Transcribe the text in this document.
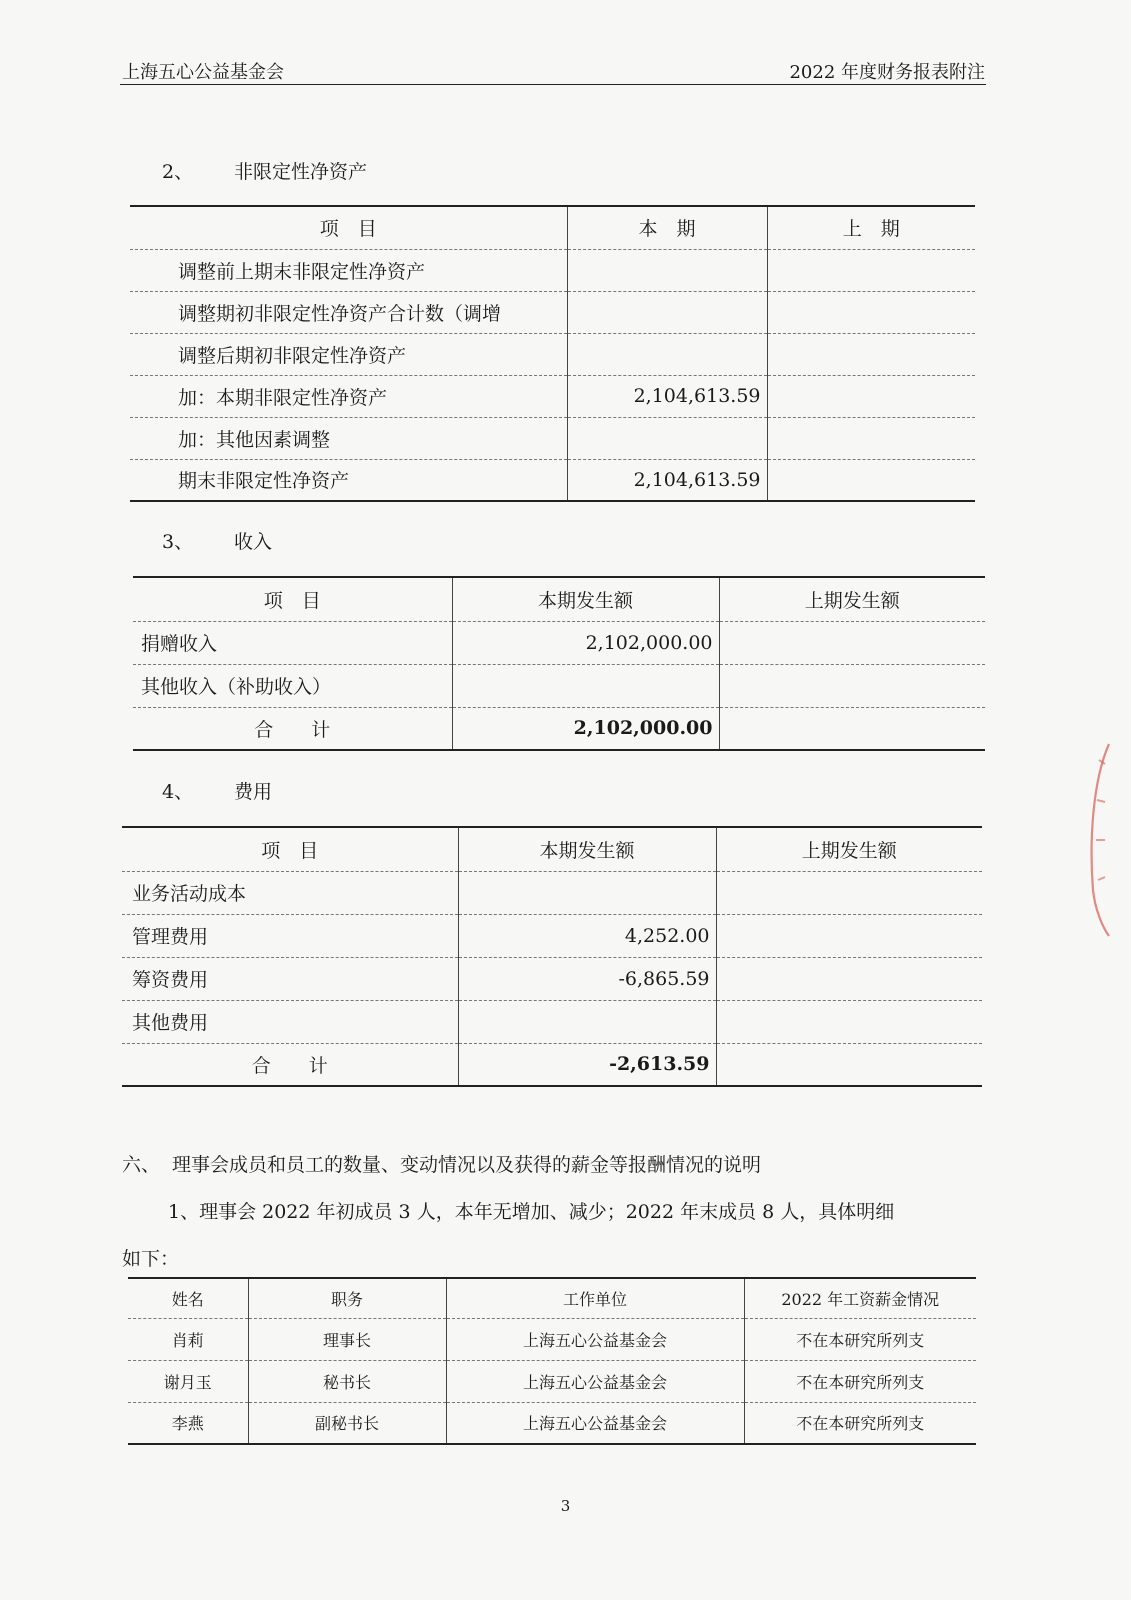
上海五心公益基金会	2022 年度财务报表附注
2、 非限定性净资产
项　目	本　期	上　期
调整前上期末非限定性净资产		
调整期初非限定性净资产合计数（调增		
调整后期初非限定性净资产		
加：本期非限定性净资产	2,104,613.59	
加：其他因素调整		
期末非限定性净资产	2,104,613.59	
3、 收入
项　目	本期发生额	上期发生额
捐赠收入	2,102,000.00	
其他收入（补助收入）		
合　　计	2,102,000.00	
4、 费用
项　目	本期发生额	上期发生额
业务活动成本		
管理费用	4,252.00	
筹资费用	-6,865.59	
其他费用		
合　　计	-2,613.59	
六、 理事会成员和员工的数量、变动情况以及获得的薪金等报酬情况的说明
1、理事会 2022 年初成员 3 人，本年无增加、减少；2022 年末成员 8 人，具体明细
如下：
姓名	职务	工作单位	2022 年工资薪金情况
肖莉	理事长	上海五心公益基金会	不在本研究所列支
谢月玉	秘书长	上海五心公益基金会	不在本研究所列支
李燕	副秘书长	上海五心公益基金会	不在本研究所列支
3
